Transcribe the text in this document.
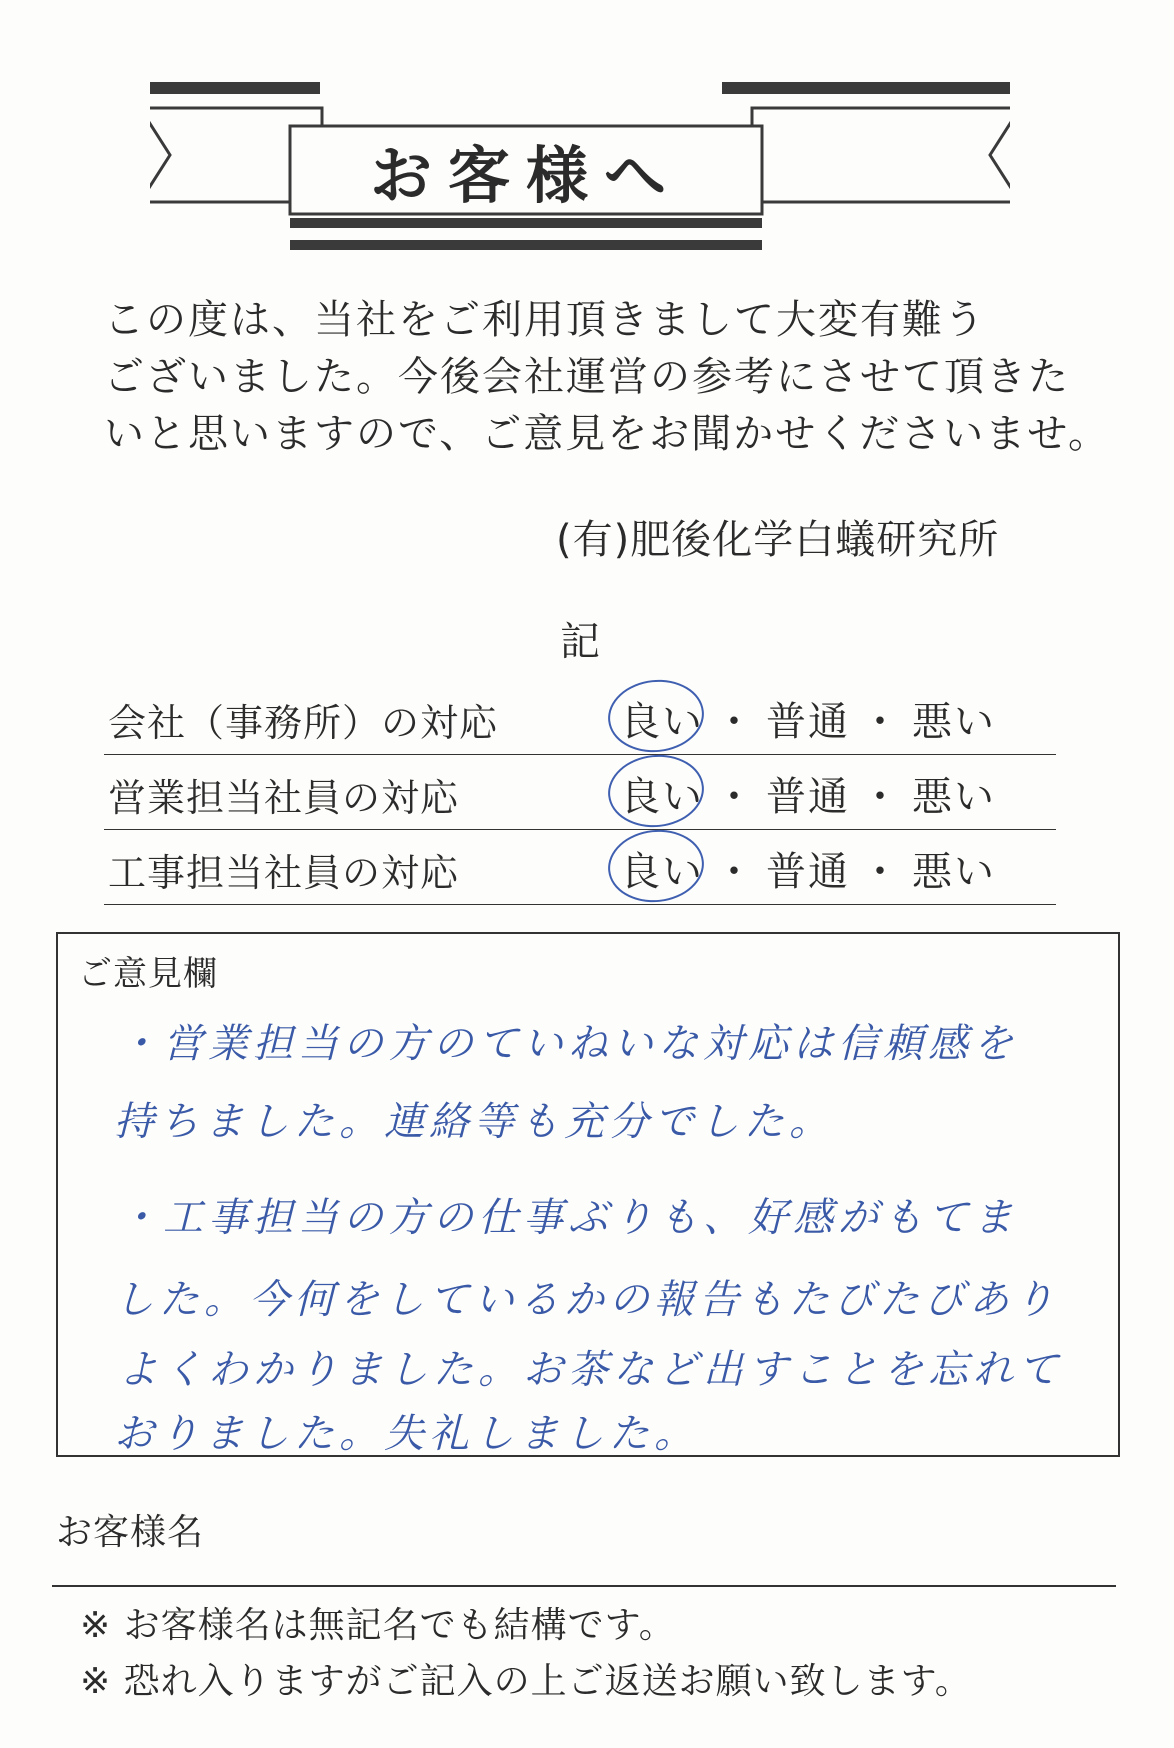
お客様へ
この度は、当社をご利用頂きまして大変有難う
ございました。今後会社運営の参考にさせて頂きた
いと思いますので、ご意見をお聞かせくださいませ。
(有)肥後化学白蟻研究所
記
会社（事務所）の対応	良い ・ 普通 ・ 悪い
営業担当社員の対応	良い ・ 普通 ・ 悪い
工事担当社員の対応	良い ・ 普通 ・ 悪い
ご意見欄
・営業担当の方のていねいな対応は信頼感を
持ちました。連絡等も充分でした。
・工事担当の方の仕事ぶりも、好感がもてま
した。今何をしているかの報告もたびたびあり
よくわかりました。お茶など出すことを忘れて
おりました。失礼しました。
お客様名
※ お客様名は無記名でも結構です。
※ 恐れ入りますがご記入の上ご返送お願い致します。
